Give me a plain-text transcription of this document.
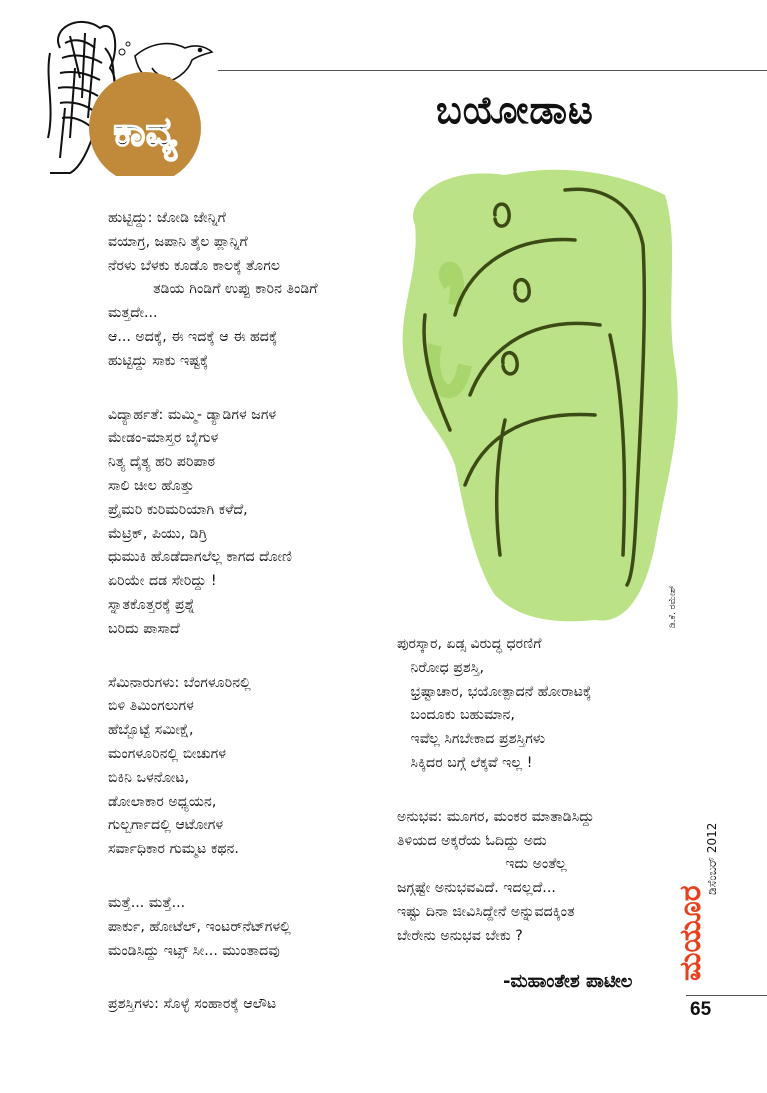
ಕಾವ್ಯ	ಬಯೋಡಾಟ
ಡಿ.ಕೆ. ರಮೇಶ್
ಹುಟ್ಟಿದ್ದು: ಜೋಡಿ ಜೇನ್ನಿಗೆ
ವಯಾಗ್ರ, ಜಪಾನಿ ತೈಲ ಪ್ಲಾನ್ನಿಗೆ
ನೆರಳು ಬೆಳಕು ಕೂಡೊ ಕಾಲಕ್ಕೆ ತೊಗಲ
ತಡಿಯ ಗಿಂಡಿಗೆ ಉಪ್ಪು ಕಾರಿನ ತಿಂಡಿಗೆ
ಮತ್ತದೇ...
ಆ... ಅದಕ್ಕೆ, ಈ ಇದಕ್ಕೆ ಆ ಈ ಹದಕ್ಕೆ
ಹುಟ್ಟಿದ್ದು ಸಾಕು ಇಷ್ಟಕ್ಕೆ
ವಿದ್ಯಾರ್ಹತೆ: ಮಮ್ಮಿ- ಡ್ಯಾಡಿಗಳ ಜಗಳ
ಮೇಡಂ-ಮಾಸ್ತರ ಬೈಗುಳ
ನಿತ್ಯ ದೈತ್ಯ ಹರಿ ಪರಿಪಾಠ
ಸಾಲಿ ಚೀಲ ಹೊತ್ತು
ಪ್ರೈಮರಿ ಕುರಿಮರಿಯಾಗಿ ಕಳೆದೆ,
ಮೆಟ್ರಿಕ್, ಪಿಯು, ಡಿಗ್ರಿ
ಧುಮುಕಿ ಹೊಡೆದಾಗಲೆಲ್ಲ ಕಾಗದ ದೋಣಿ
ಏರಿಯೇ ದಡ ಸೇರಿದ್ದು !
ಸ್ನಾತಕೊತ್ತರಕ್ಕೆ ಪ್ರಶ್ನೆ
ಬರಿದು ಪಾಸಾದೆ
ಸೆಮಿನಾರುಗಳು: ಬೆಂಗಳೂರಿನಲ್ಲಿ
ಬಿಳಿ ತಿಮಿಂಗಲುಗಳ
ಹೆಬ್ಬೊಟ್ಟೆ ಸಮೀಕ್ಷೆ,
ಮಂಗಳೂರಿನಲ್ಲಿ ಬೀಚುಗಳ
ಬಿಕಿನಿ ಒಳನೋಟ,
ಡೋಲಾಕಾರ ಅಧ್ಯಯನ,
ಗುಲ್ಬರ್ಗಾದಲ್ಲಿ ಆಟೋಗಳ
ಸರ್ವಾಧಿಕಾರ ಗುಮ್ಮಟ ಕಥನ.
ಮತ್ತೆ... ಮತ್ತೆ...
ಪಾರ್ಕು, ಹೋಟೆಲ್, ಇಂಟರ್‌ನೆಟ್‌ಗಳಲ್ಲಿ
ಮಂಡಿಸಿದ್ದು ಇಟ್ಸ್ ಸೀ... ಮುಂತಾದವು
ಪ್ರಶಸ್ತಿಗಳು: ಸೊಳ್ಳೆ ಸಂಹಾರಕ್ಕೆ ಆಲೌಟ
ಪುರಸ್ಕಾರ, ಏಡ್ಸ ವಿರುದ್ಧ ಧರಣಿಗೆ
ನಿರೋಧ ಪ್ರಶಸ್ತಿ,
ಭ್ರಷ್ಟಾಚಾರ, ಭಯೋತ್ಪಾದನೆ ಹೋರಾಟಕ್ಕೆ
ಬಂದೂಕು ಬಹುಮಾನ,
ಇವೆಲ್ಲ ಸಿಗಬೇಕಾದ ಪ್ರಶಸ್ತಿಗಳು
ಸಿಕ್ಕಿದರ ಬಗ್ಗೆ ಲೆಕ್ಕವೆ ಇಲ್ಲ !
ಅನುಭವ: ಮೂಗರ, ಮಂಕರ ಮಾತಾಡಿಸಿದ್ದು
ತಿಳಿಯದ ಅಕ್ಕರೆಯ ಓದಿದ್ದು ಅದು
ಇದು ಅಂತೆಲ್ಲ
ಜಗ್ಗಷ್ಟೇ ಅನುಭವವಿದೆ. ಇದಲ್ಲದೆ...
ಇಷ್ಟು ದಿನಾ ಜೀವಿಸಿದ್ದೇನೆ ಅನ್ನುವದಕ್ಕಿಂತ
ಬೇರೇನು ಅನುಭವ ಬೇಕು ?
-ಮಹಾಂತೇಶ ಪಾಟೀಲ
ಮಯೂರ
ಡಿಸೆಂಬರ್ 2012
65
